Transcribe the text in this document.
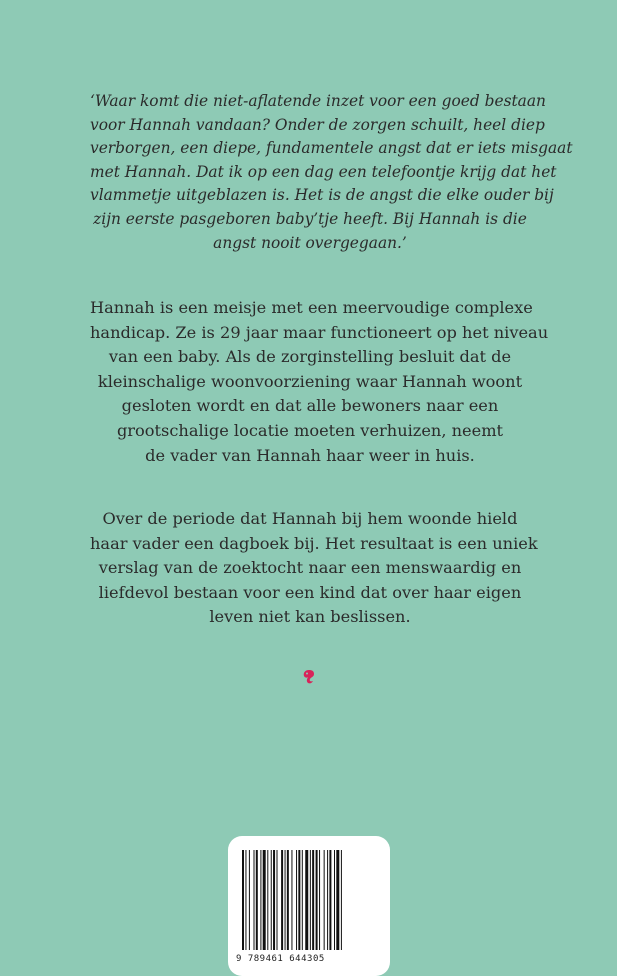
‘Waar komt die niet-aflatende inzet voor een goed bestaan
voor Hannah vandaan? Onder de zorgen schuilt, heel diep
verborgen, een diepe, fundamentele angst dat er iets misgaat
met Hannah. Dat ik op een dag een telefoontje krijg dat het
vlammetje uitgeblazen is. Het is de angst die elke ouder bij
zijn eerste pasgeboren baby’tje heeft. Bij Hannah is die
angst nooit overgegaan.’
Hannah is een meisje met een meervoudige complexe
handicap. Ze is 29 jaar maar functioneert op het niveau
van een baby. Als de zorginstelling besluit dat de
kleinschalige woonvoorziening waar Hannah woont
gesloten wordt en dat alle bewoners naar een
grootschalige locatie moeten verhuizen, neemt
de vader van Hannah haar weer in huis.
Over de periode dat Hannah bij hem woonde hield
haar vader een dagboek bij. Het resultaat is een uniek
verslag van de zoektocht naar een menswaardig en
liefdevol bestaan voor een kind dat over haar eigen
leven niet kan beslissen.
9 789461 644305
